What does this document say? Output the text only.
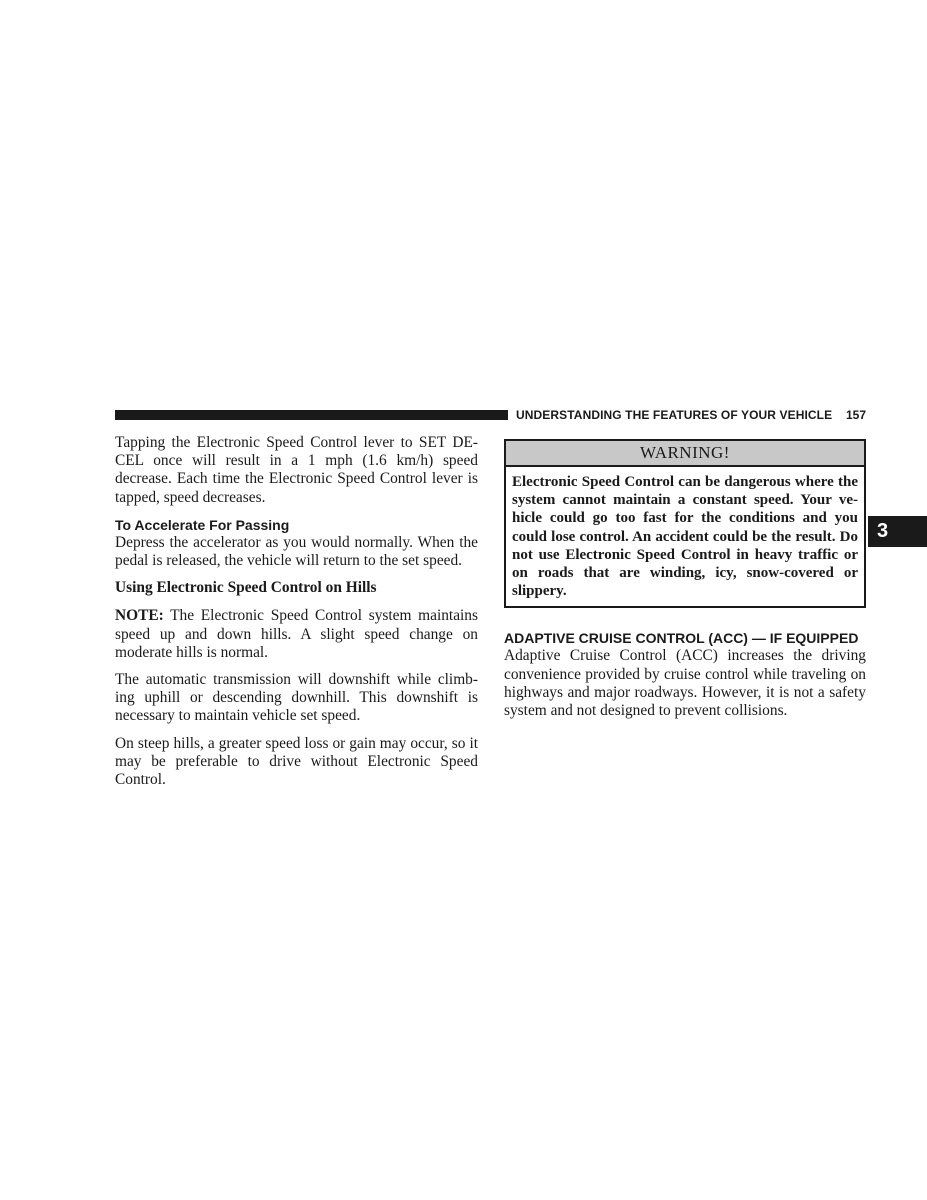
UNDERSTANDING THE FEATURES OF YOUR VEHICLE 157
3

Tapping the Electronic Speed Control lever to SET DE-CEL once will result in a 1 mph (1.6 km/h) speed decrease. Each time the Electronic Speed Control lever is tapped, speed decreases.

To Accelerate For Passing

Depress the accelerator as you would normally. When the pedal is released, the vehicle will return to the set speed.

Using Electronic Speed Control on Hills

NOTE: The Electronic Speed Control system maintains speed up and down hills. A slight speed change on moderate hills is normal.

The automatic transmission will downshift while climb-ing uphill or descending downhill. This downshift is necessary to maintain vehicle set speed.

On steep hills, a greater speed loss or gain may occur, so it may be preferable to drive without Electronic Speed Control.

WARNING!
Electronic Speed Control can be dangerous where the system cannot maintain a constant speed. Your ve-hicle could go too fast for the conditions and you could lose control. An accident could be the result. Do not use Electronic Speed Control in heavy traffic or on roads that are winding, icy, snow-covered or slippery.
ADAPTIVE CRUISE CONTROL (ACC) — IF EQUIPPED

Adaptive Cruise Control (ACC) increases the driving convenience provided by cruise control while traveling on highways and major roadways. However, it is not a safety system and not designed to prevent collisions.
